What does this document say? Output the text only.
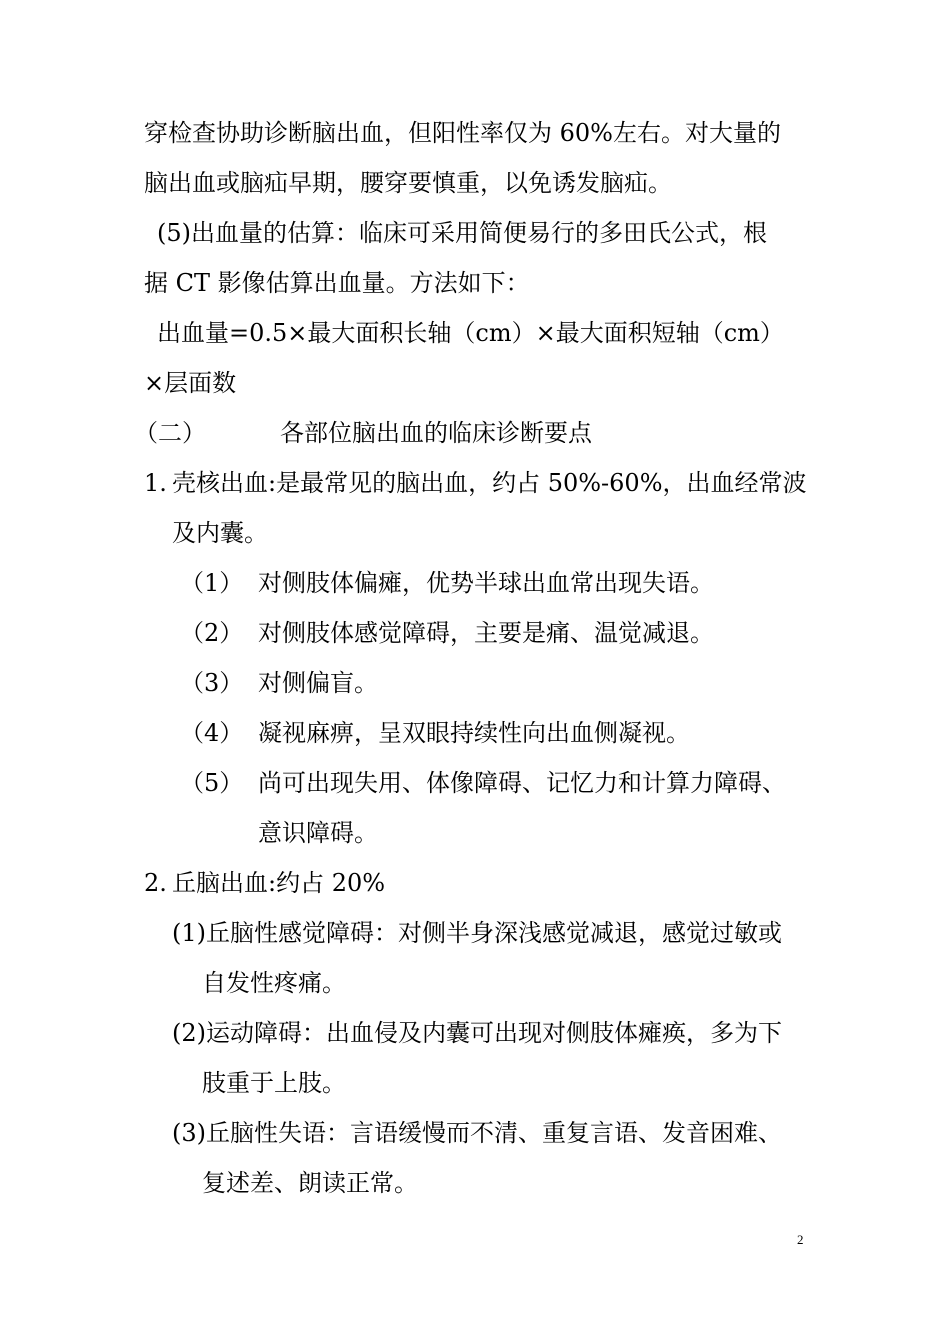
穿检查协助诊断脑出血，但阳性率仅为 60%左右。对大量的
脑出血或脑疝早期，腰穿要慎重，以免诱发脑疝。
(5)出血量的估算：临床可采用简便易行的多田氏公式，根
据 CT 影像估算出血量。方法如下：
出血量=0.5×最大面积长轴（cm）×最大面积短轴（cm）
×层面数
（二）	各部位脑出血的临床诊断要点
1. 壳核出血:是最常见的脑出血，约占 50%-60%，出血经常波
及内囊。
（1） 对侧肢体偏瘫，优势半球出血常出现失语。
（2） 对侧肢体感觉障碍，主要是痛、温觉减退。
（3） 对侧偏盲。
（4） 凝视麻痹，呈双眼持续性向出血侧凝视。
（5） 尚可出现失用、体像障碍、记忆力和计算力障碍、
意识障碍。
2. 丘脑出血:约占 20%
(1)丘脑性感觉障碍：对侧半身深浅感觉减退，感觉过敏或
自发性疼痛。
(2)运动障碍：出血侵及内囊可出现对侧肢体瘫痪，多为下
肢重于上肢。
(3)丘脑性失语：言语缓慢而不清、重复言语、发音困难、
复述差、朗读正常。
2
